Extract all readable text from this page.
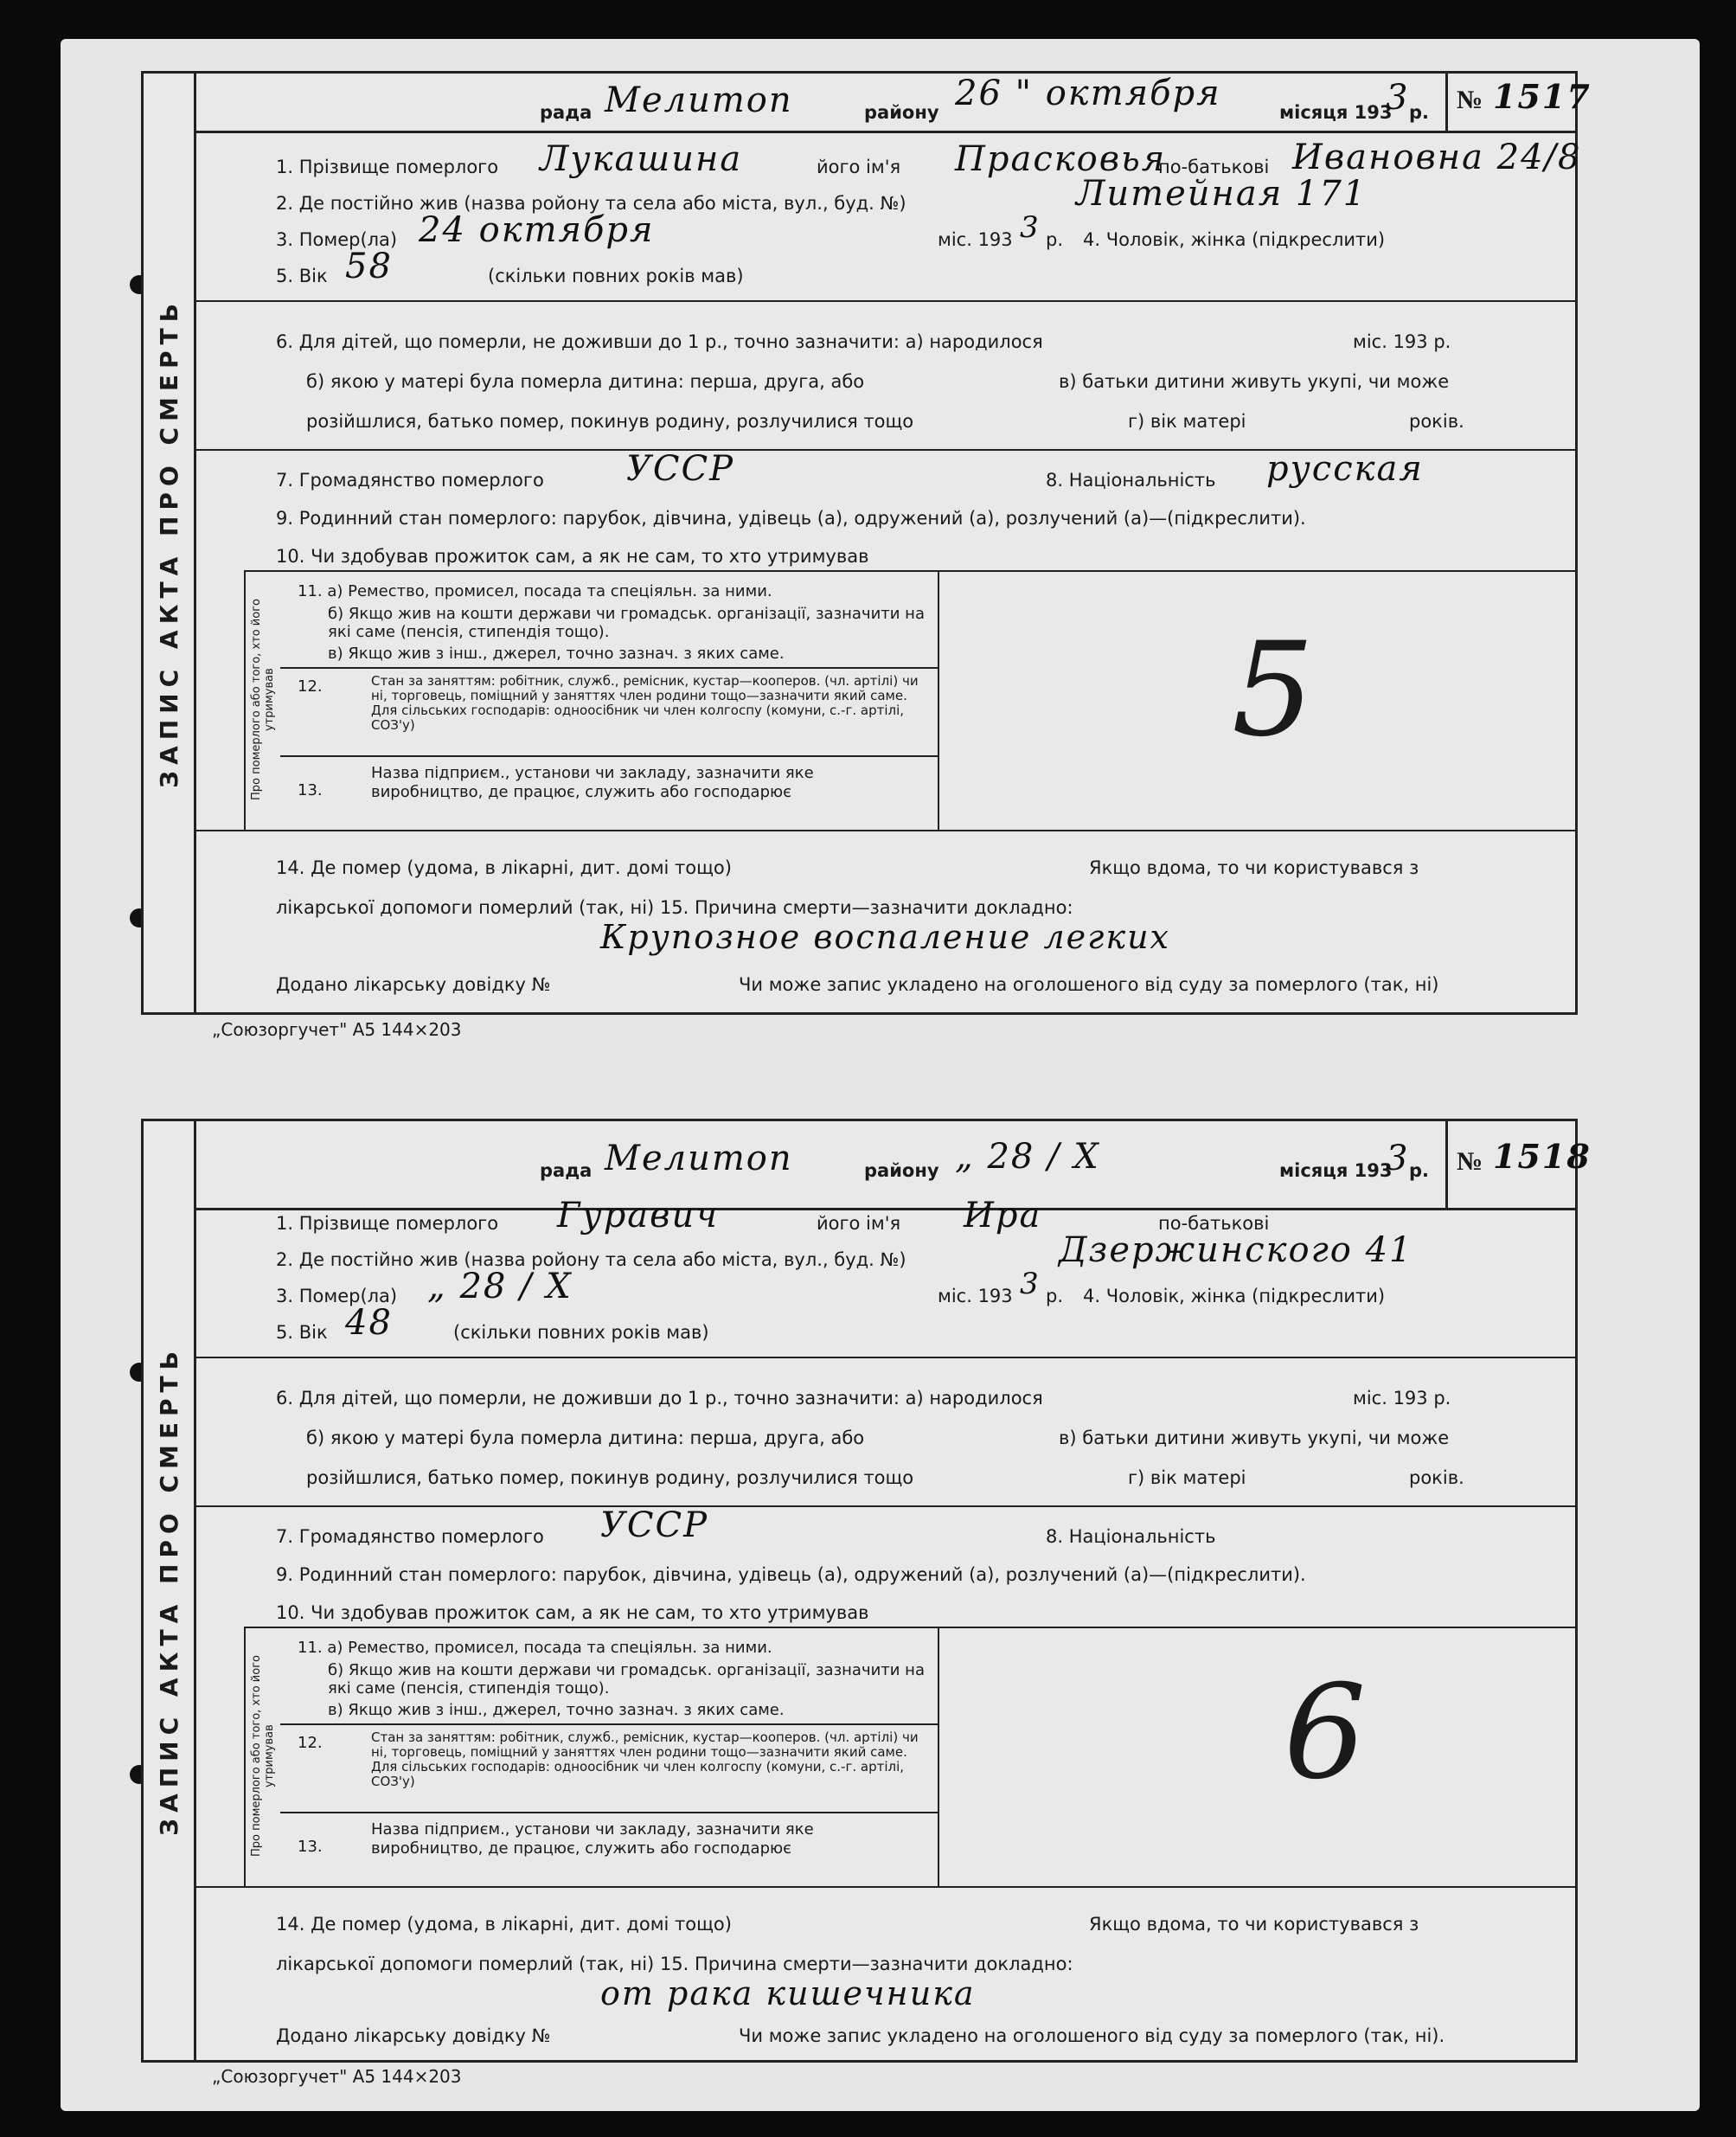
ЗАПИС АКТА ПРО СМЕРТЬ
рада Мелитоп	району 26 " октября	місяця 193
3 р.	№ 1517
1. Прізвище померлого Лукашина	його ім'я Прасковья
по-батькові Ивановна 24/8
2. Де постійно жив (назва ройону та села або міста, вул., буд. №)	Литейная 171
3. Помер(ла) 24 октября	міс. 193 3 р. 4. Чоловік, жінка (підкреслити)
5. Вік 58	(скільки повних років мав)
6. Для дітей, що померли, не доживши до 1 р., точно зазначити: а) народилося	міс. 193 р.
б) якою у матері була померла дитина: перша, друга, або	в) батьки дитини живуть укупі, чи може
розійшлися, батько помер, покинув родину, розлучилися тощо	г) вік матері	років.
7. Громадянство померлого УССР	8. Національність русская
9. Родинний стан померлого: парубок, дівчина, удівець (а), одружений (а), розлучений (а)—(підкреслити).
10. Чи здобував прожиток сам, а як не сам, то хто утримував
Про померлого або того, хто його утримував
11. а) Ремество, промисел, посада та спеціяльн. за ними.
б) Якщо жив на кошти держави чи громадськ. організації, зазначити на які саме (пенсія, стипендія тощо).
в) Якщо жив з інш., джерел, точно зазнач. з яких саме.
12.	Стан за заняттям: робітник, служб., ремісник, кустар—кооперов. (чл. артілі) чи ні, торговець, поміщний у заняттях член родини тощо—зазначити який саме. Для сільських господарів: одноосібник чи член колгоспу (комуни, с.-г. артілі, СОЗ'у)
13.
Назва підприєм., установи чи закладу, зазначити яке виробництво, де працює, служить або господарює
5
14. Де помер (удома, в лікарні, дит. домі тощо)	Якщо вдома, то чи користувався з
лікарської допомоги померлий (так, ні) 15. Причина смерти—зазначити докладно:
Крупозное воспаление легких
Додано лікарську довідку №	Чи може запис укладено на оголошеного від суду за померлого (так, ні)
„Союзоргучет" А5 144×203
ЗАПИС АКТА ПРО СМЕРТЬ
рада Мелитоп	району „ 28 / X	місяця 193
3 р.	№ 1518
1. Прізвище померлого Гуравич	його ім'я Ира	по-батькові
2. Де постійно жив (назва ройону та села або міста, вул., буд. №)	Дзержинского 41
3. Помер(ла) „ 28 / X	міс. 193 3 р. 4. Чоловік, жінка (підкреслити)
5. Вік 48	(скільки повних років мав)
6. Для дітей, що померли, не доживши до 1 р., точно зазначити: а) народилося	міс. 193 р.
б) якою у матері була померла дитина: перша, друга, або	в) батьки дитини живуть укупі, чи може
розійшлися, батько помер, покинув родину, розлучилися тощо	г) вік матері	років.
7. Громадянство померлого УССР	8. Національність
9. Родинний стан померлого: парубок, дівчина, удівець (а), одружений (а), розлучений (а)—(підкреслити).
10. Чи здобував прожиток сам, а як не сам, то хто утримував
Про померлого або того, хто його утримував
11. а) Ремество, промисел, посада та спеціяльн. за ними.
б) Якщо жив на кошти держави чи громадськ. організації, зазначити на які саме (пенсія, стипендія тощо).
в) Якщо жив з інш., джерел, точно зазнач. з яких саме.
12.	Стан за заняттям: робітник, служб., ремісник, кустар—кооперов. (чл. артілі) чи ні, торговець, поміщний у заняттях член родини тощо—зазначити який саме. Для сільських господарів: одноосібник чи член колгоспу (комуни, с.-г. артілі, СОЗ'у)
13.
Назва підприєм., установи чи закладу, зазначити яке виробництво, де працює, служить або господарює
6
14. Де помер (удома, в лікарні, дит. домі тощо)	Якщо вдома, то чи користувався з
лікарської допомоги померлий (так, ні) 15. Причина смерти—зазначити докладно:
от рака кишечника
Додано лікарську довідку №	Чи може запис укладено на оголошеного від суду за померлого (так, ні).
„Союзоргучет" А5 144×203
